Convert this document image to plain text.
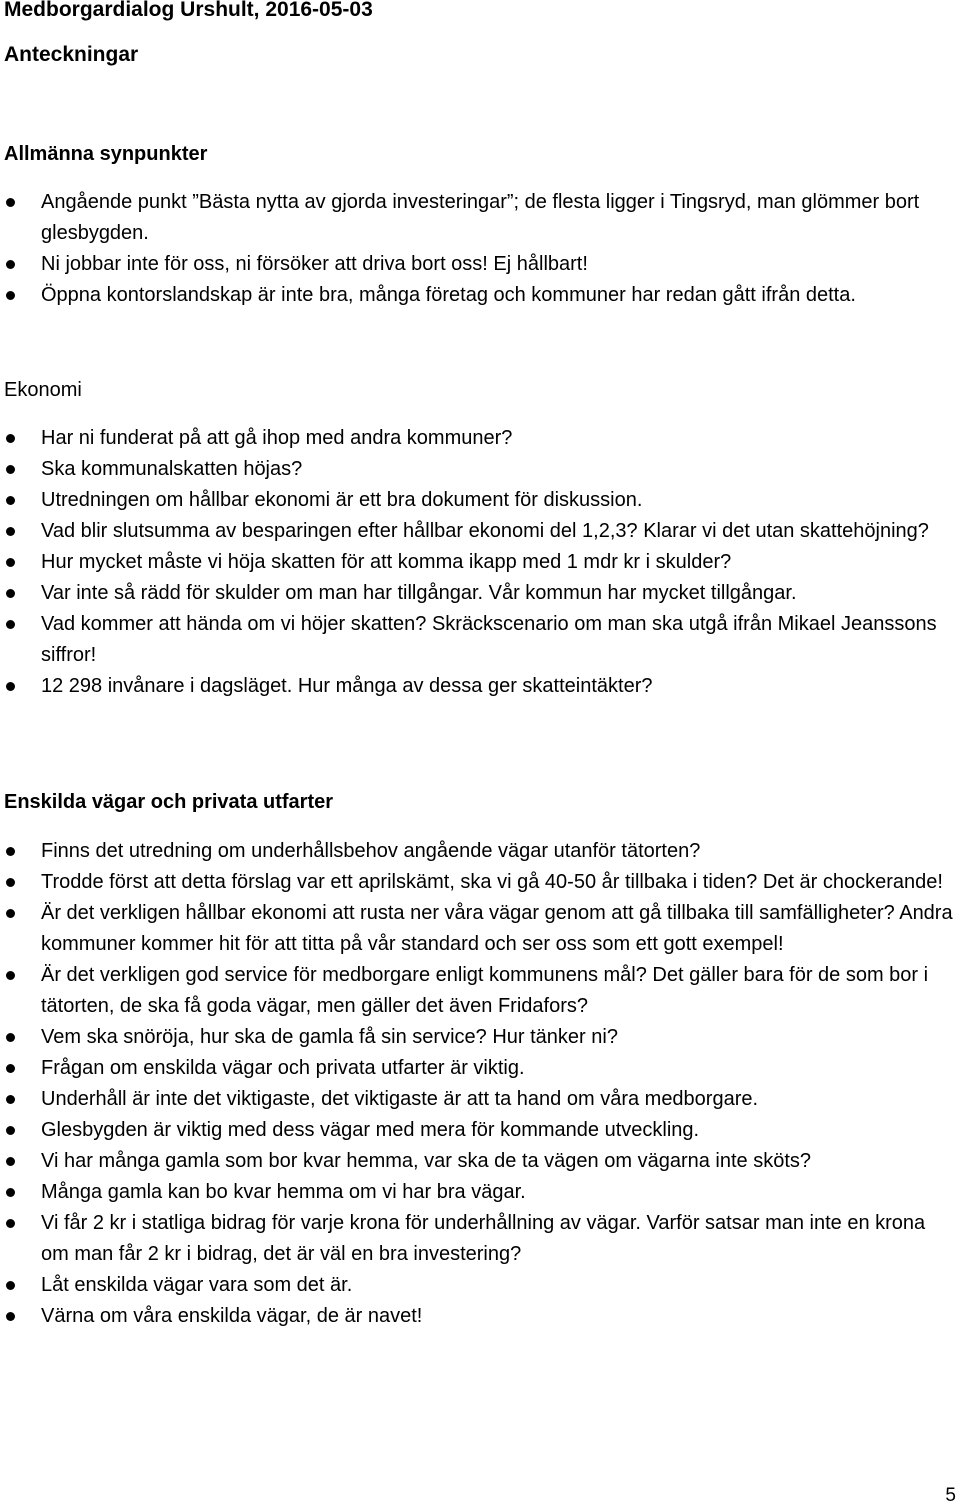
Medborgardialog Urshult, 2016-05-03
Anteckningar
Allmänna synpunkter
Angående punkt ”Bästa nytta av gjorda investeringar”; de flesta ligger i Tingsryd, man glömmer bort glesbygden.
Ni jobbar inte för oss, ni försöker att driva bort oss! Ej hållbart!
Öppna kontorslandskap är inte bra, många företag och kommuner har redan gått ifrån detta.
Ekonomi
Har ni funderat på att gå ihop med andra kommuner?
Ska kommunalskatten höjas?
Utredningen om hållbar ekonomi är ett bra dokument för diskussion.
Vad blir slutsumma av besparingen efter hållbar ekonomi del 1,2,3? Klarar vi det utan skattehöjning?
Hur mycket måste vi höja skatten för att komma ikapp med 1 mdr kr i skulder?
Var inte så rädd för skulder om man har tillgångar. Vår kommun har mycket tillgångar.
Vad kommer att hända om vi höjer skatten? Skräckscenario om man ska utgå ifrån Mikael Jeanssons siffror!
12 298 invånare i dagsläget. Hur många av dessa ger skatteintäkter?
Enskilda vägar och privata utfarter
Finns det utredning om underhållsbehov angående vägar utanför tätorten?
Trodde först att detta förslag var ett aprilskämt, ska vi gå 40-50 år tillbaka i tiden? Det är chockerande!
Är det verkligen hållbar ekonomi att rusta ner våra vägar genom att gå tillbaka till samfälligheter? Andra kommuner kommer hit för att titta på vår standard och ser oss som ett gott exempel!
Är det verkligen god service för medborgare enligt kommunens mål? Det gäller bara för de som bor i tätorten, de ska få goda vägar, men gäller det även Fridafors?
Vem ska snöröja, hur ska de gamla få sin service? Hur tänker ni?
Frågan om enskilda vägar och privata utfarter är viktig.
Underhåll är inte det viktigaste, det viktigaste är att ta hand om våra medborgare.
Glesbygden är viktig med dess vägar med mera för kommande utveckling.
Vi har många gamla som bor kvar hemma, var ska de ta vägen om vägarna inte sköts?
Många gamla kan bo kvar hemma om vi har bra vägar.
Vi får 2 kr i statliga bidrag för varje krona för underhållning av vägar. Varför satsar man inte en krona om man får 2 kr i bidrag, det är väl en bra investering?
Låt enskilda vägar vara som det är.
Värna om våra enskilda vägar, de är navet!
5
